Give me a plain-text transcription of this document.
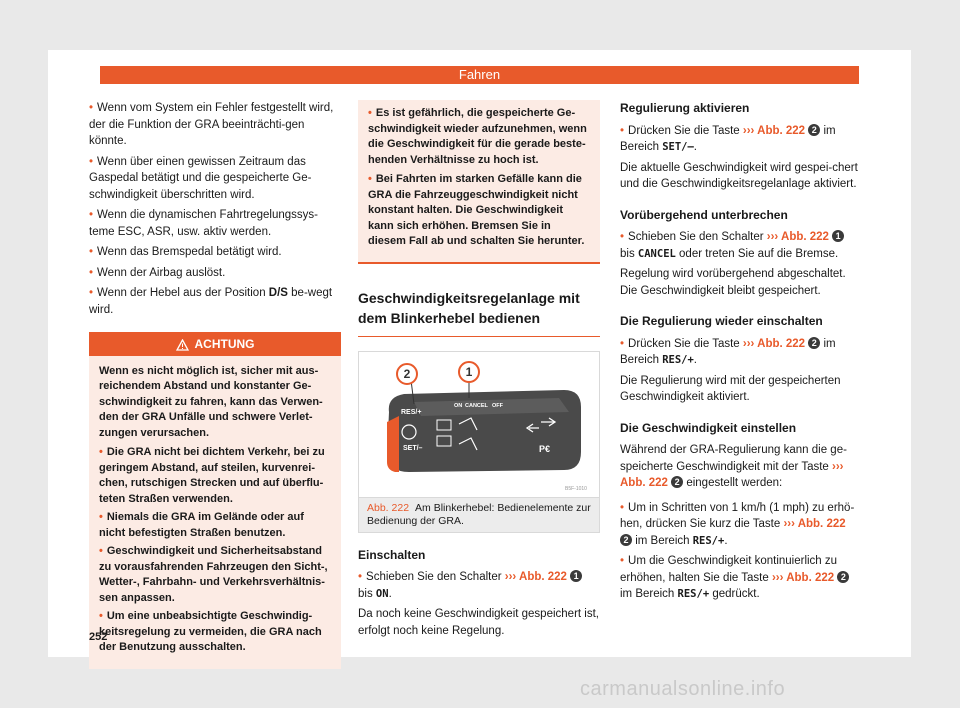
Fahren
• Wenn vom System ein Fehler festgestellt wird, der die Funktion der GRA beeinträchti-gen könnte.
• Wenn über einen gewissen Zeitraum das Gaspedal betätigt und die gespeicherte Ge-schwindigkeit überschritten wird.
• Wenn die dynamischen Fahrtregelungssys-teme ESC, ASR, usw. aktiv werden.
• Wenn das Bremspedal betätigt wird.
• Wenn der Airbag auslöst.
• Wenn der Hebel aus der Position D/S be-wegt wird.
ACHTUNG

Wenn es nicht möglich ist, sicher mit aus-reichendem Abstand und konstanter Ge-schwindigkeit zu fahren, kann das Verwen-den der GRA Unfälle und schwere Verlet-zungen verursachen.

• Die GRA nicht bei dichtem Verkehr, bei zu geringem Abstand, auf steilen, kurvenrei-chen, rutschigen Strecken und auf überflu-teten Straßen verwenden.
• Niemals die GRA im Gelände oder auf nicht befestigten Straßen benutzen.
• Geschwindigkeit und Sicherheitsabstand zu vorausfahrenden Fahrzeugen den Sicht-, Wetter-, Fahrbahn- und Verkehrsverhältnis-sen anpassen.
• Um eine unbeabsichtigte Geschwindig-keitsregelung zu vermeiden, die GRA nach der Benutzung ausschalten.
• Es ist gefährlich, die gespeicherte Ge-schwindigkeit wieder aufzunehmen, wenn die Geschwindigkeit für die gerade beste-henden Verhältnisse zu hoch ist.
• Bei Fahrten im starken Gefälle kann die GRA die Fahrzeuggeschwindigkeit nicht konstant halten. Die Geschwindigkeit kann sich erhöhen. Bremsen Sie in diesem Fall ab und schalten Sie herunter.
Geschwindigkeitsregelanlage mit dem Blinkerhebel bedienen
2	1
RES/+
SET/–
ON CANCEL OFF
P€
B5F-1010
Abb. 222 Am Blinkerhebel: Bedienelemente zur Bedienung der GRA.
Einschalten
• Schieben Sie den Schalter ››› Abb. 222 1 bis ON.

Da noch keine Geschwindigkeit gespeichert ist, erfolgt noch keine Regelung.

Regulierung aktivieren
• Drücken Sie die Taste ››› Abb. 222 2 im Bereich SET/–.

Die aktuelle Geschwindigkeit wird gespei-chert und die Geschwindigkeitsregelanlage aktiviert.

Vorübergehend unterbrechen
• Schieben Sie den Schalter ››› Abb. 222 1 bis CANCEL oder treten Sie auf die Bremse.

Regelung wird vorübergehend abgeschaltet. Die Geschwindigkeit bleibt gespeichert.

Die Regulierung wieder einschalten
• Drücken Sie die Taste ››› Abb. 222 2 im Bereich RES/+.

Die Regulierung wird mit der gespeicherten Geschwindigkeit aktiviert.

Die Geschwindigkeit einstellen

Während der GRA-Regulierung kann die ge-speicherte Geschwindigkeit mit der Taste ››› Abb. 222 2 eingestellt werden:

• Um in Schritten von 1 km/h (1 mph) zu erhö-hen, drücken Sie kurz die Taste ››› Abb. 222 2 im Bereich RES/+.
• Um die Geschwindigkeit kontinuierlich zu erhöhen, halten Sie die Taste ››› Abb. 222 2 im Bereich RES/+ gedrückt.
252
carmanualsonline.info
